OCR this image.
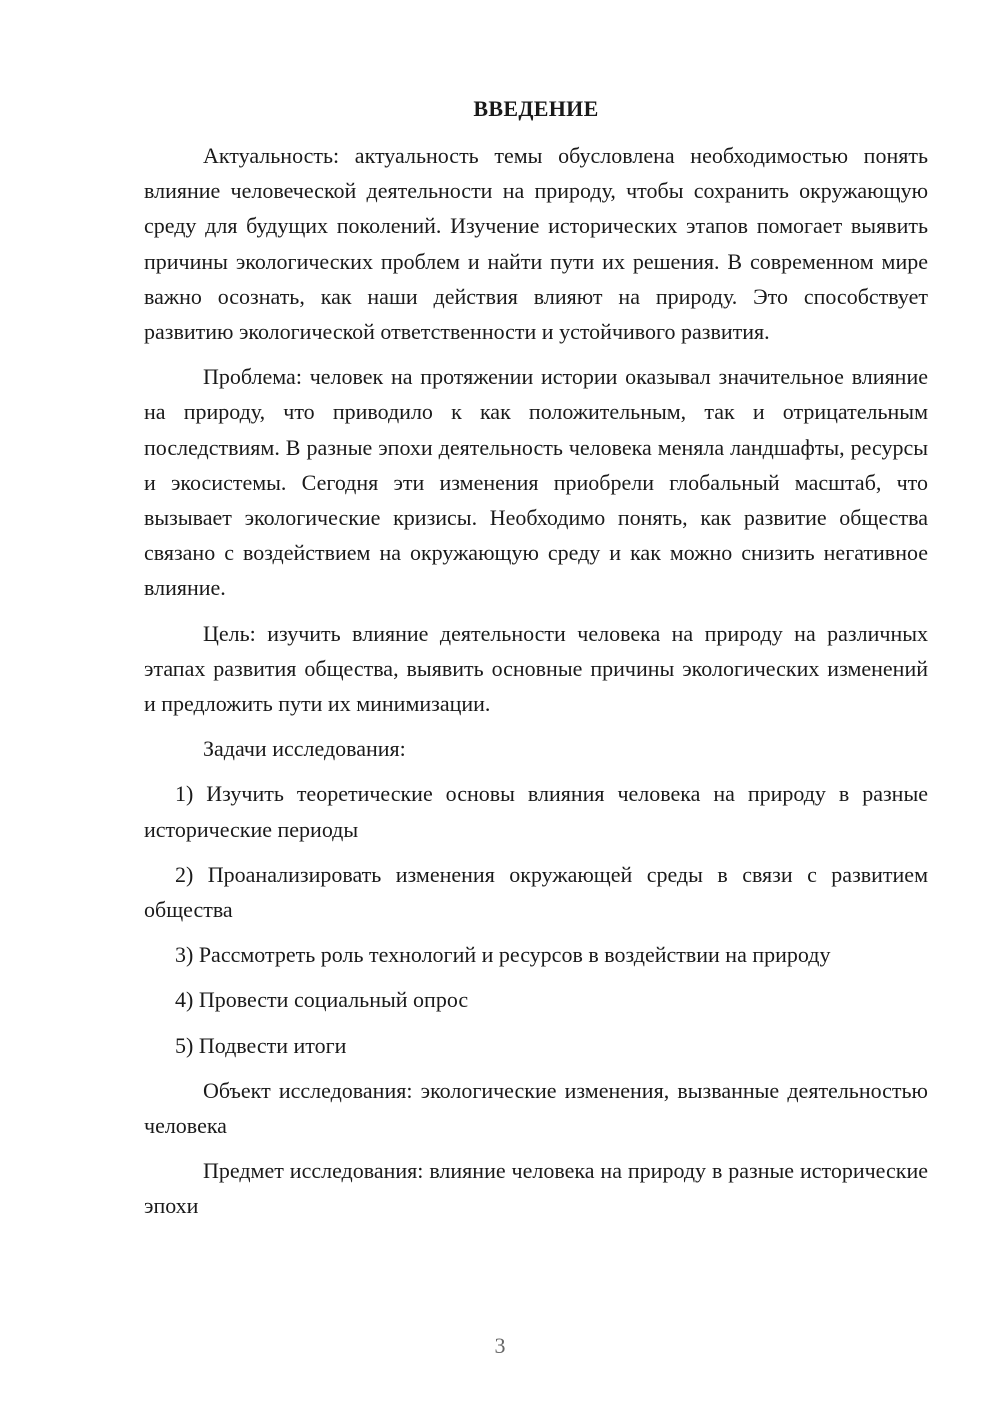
ВВЕДЕНИЕ

Актуальность: актуальность темы обусловлена необходимостью понять влияние человеческой деятельности на природу, чтобы сохранить окружающую среду для будущих поколений. Изучение исторических этапов помогает выявить причины экологических проблем и найти пути их решения. В современном мире важно осознать, как наши действия влияют на природу. Это способствует развитию экологической ответственности и устойчивого развития.

Проблема: человек на протяжении истории оказывал значительное влияние на природу, что приводило к как положительным, так и отрицательным последствиям. В разные эпохи деятельность человека меняла ландшафты, ресурсы и экосистемы. Сегодня эти изменения приобрели глобальный масштаб, что вызывает экологические кризисы. Необходимо понять, как развитие общества связано с воздействием на окружающую среду и как можно снизить негативное влияние.

Цель: изучить влияние деятельности человека на природу на различных этапах развития общества, выявить основные причины экологических изменений и предложить пути их минимизации.

Задачи исследования:

1) Изучить теоретические основы влияния человека на природу в разные исторические периоды

2) Проанализировать изменения окружающей среды в связи с развитием общества

3) Рассмотреть роль технологий и ресурсов в воздействии на природу

4) Провести социальный опрос

5) Подвести итоги

Объект исследования: экологические изменения, вызванные деятельностью человека

Предмет исследования: влияние человека на природу в разные исторические эпохи

3
